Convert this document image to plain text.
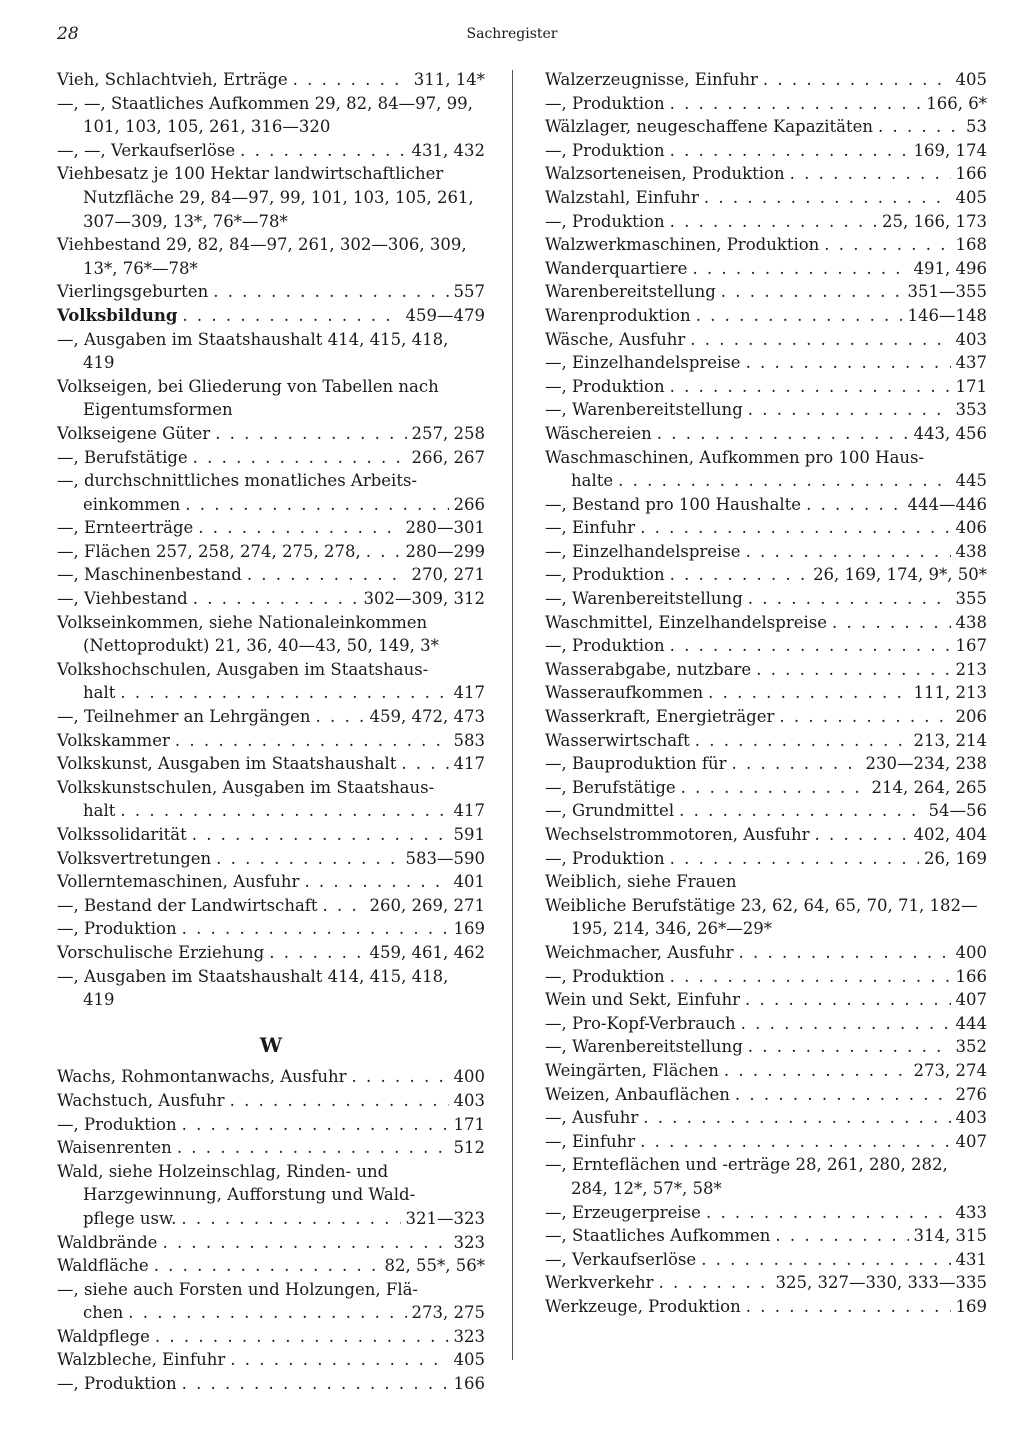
28	Sachregister
Vieh, Schlachtvieh, Erträge . . .	311, 14*
—, —, Staatliches Aufkommen 29, 82, 84—97, 99,
101, 103, 105, 261, 316—320
—, —, Verkaufserlöse . . .	431, 432
Viehbesatz je 100 Hektar landwirtschaftlicher
Nutzfläche 29, 84—97, 99, 101, 103, 105, 261,
307—309, 13*, 76*—78*
Viehbestand 29, 82, 84—97, 261, 302—306, 309,
13*, 76*—78*
Vierlingsgeburten . . .	557
Volksbildung . . .	459—479
—, Ausgaben im Staatshaushalt 414, 415, 418, 419
Volkseigen, bei Gliederung von Tabellen nach
Eigentumsformen
Volkseigene Güter . . .	257, 258
—, Berufstätige . . .	266, 267
—, durchschnittliches monatliches Arbeits-
einkommen . . .	266
—, Ernteerträge . . .	280—301
—, Flächen 257, 258, 274, 275, 278, . . .	280—299
—, Maschinenbestand . . .	270, 271
—, Viehbestand . . .	302—309, 312
Volkseinkommen, siehe Nationaleinkommen
(Nettoprodukt) 21, 36, 40—43, 50, 149, 3*
Volkshochschulen, Ausgaben im Staatshaus-
halt . . .	417
—, Teilnehmer an Lehrgängen . . .	459, 472, 473
Volkskammer . . .	583
Volkskunst, Ausgaben im Staatshaushalt . . .	417
Volkskunstschulen, Ausgaben im Staatshaus-
halt . . .	417
Volkssolidarität . . .	591
Volksvertretungen . . .	583—590
Vollerntemaschinen, Ausfuhr . . .	401
—, Bestand der Landwirtschaft . . .	260, 269, 271
—, Produktion . . .	169
Vorschulische Erziehung . . .	459, 461, 462
—, Ausgaben im Staatshaushalt 414, 415, 418, 419
W
Wachs, Rohmontanwachs, Ausfuhr . . .	400
Wachstuch, Ausfuhr . . .	403
—, Produktion . . .	171
Waisenrenten . . .	512
Wald, siehe Holzeinschlag, Rinden- und
Harzgewinnung, Aufforstung und Wald-
pflege usw. . . .	321—323
Waldbrände . . .	323
Waldfläche . . .	82, 55*, 56*
—, siehe auch Forsten und Holzungen, Flä-
chen . . .	273, 275
Waldpflege . . .	323
Walzbleche, Einfuhr . . .	405
—, Produktion . . .	166
Walzerzeugnisse, Einfuhr . . .	405
—, Produktion . . .	166, 6*
Wälzlager, neugeschaffene Kapazitäten . . .	53
—, Produktion . . .	169, 174
Walzsorteneisen, Produktion . . .	166
Walzstahl, Einfuhr . . .	405
—, Produktion . . .	25, 166, 173
Walzwerkmaschinen, Produktion . . .	168
Wanderquartiere . . .	491, 496
Warenbereitstellung . . .	351—355
Warenproduktion . . .	146—148
Wäsche, Ausfuhr . . .	403
—, Einzelhandelspreise . . .	437
—, Produktion . . .	171
—, Warenbereitstellung . . .	353
Wäschereien . . .	443, 456
Waschmaschinen, Aufkommen pro 100 Haus-
halte . . .	445
—, Bestand pro 100 Haushalte . . .	444—446
—, Einfuhr . . .	406
—, Einzelhandelspreise . . .	438
—, Produktion . . .	26, 169, 174, 9*, 50*
—, Warenbereitstellung . . .	355
Waschmittel, Einzelhandelspreise . . .	438
—, Produktion . . .	167
Wasserabgabe, nutzbare . . .	213
Wasseraufkommen . . .	111, 213
Wasserkraft, Energieträger . . .	206
Wasserwirtschaft . . .	213, 214
—, Bauproduktion für . . .	230—234, 238
—, Berufstätige . . .	214, 264, 265
—, Grundmittel . . .	54—56
Wechselstrommotoren, Ausfuhr . . .	402, 404
—, Produktion . . .	26, 169
Weiblich, siehe Frauen
Weibliche Berufstätige 23, 62, 64, 65, 70, 71, 182—
195, 214, 346, 26*—29*
Weichmacher, Ausfuhr . . .	400
—, Produktion . . .	166
Wein und Sekt, Einfuhr . . .	407
—, Pro-Kopf-Verbrauch . . .	444
—, Warenbereitstellung . . .	352
Weingärten, Flächen . . .	273, 274
Weizen, Anbauflächen . . .	276
—, Ausfuhr . . .	403
—, Einfuhr . . .	407
—, Ernteflächen und -erträge 28, 261, 280, 282,
284, 12*, 57*, 58*
—, Erzeugerpreise . . .	433
—, Staatliches Aufkommen . . .	314, 315
—, Verkaufserlöse . . .	431
Werkverkehr . . .	325, 327—330, 333—335
Werkzeuge, Produktion . . .	169
